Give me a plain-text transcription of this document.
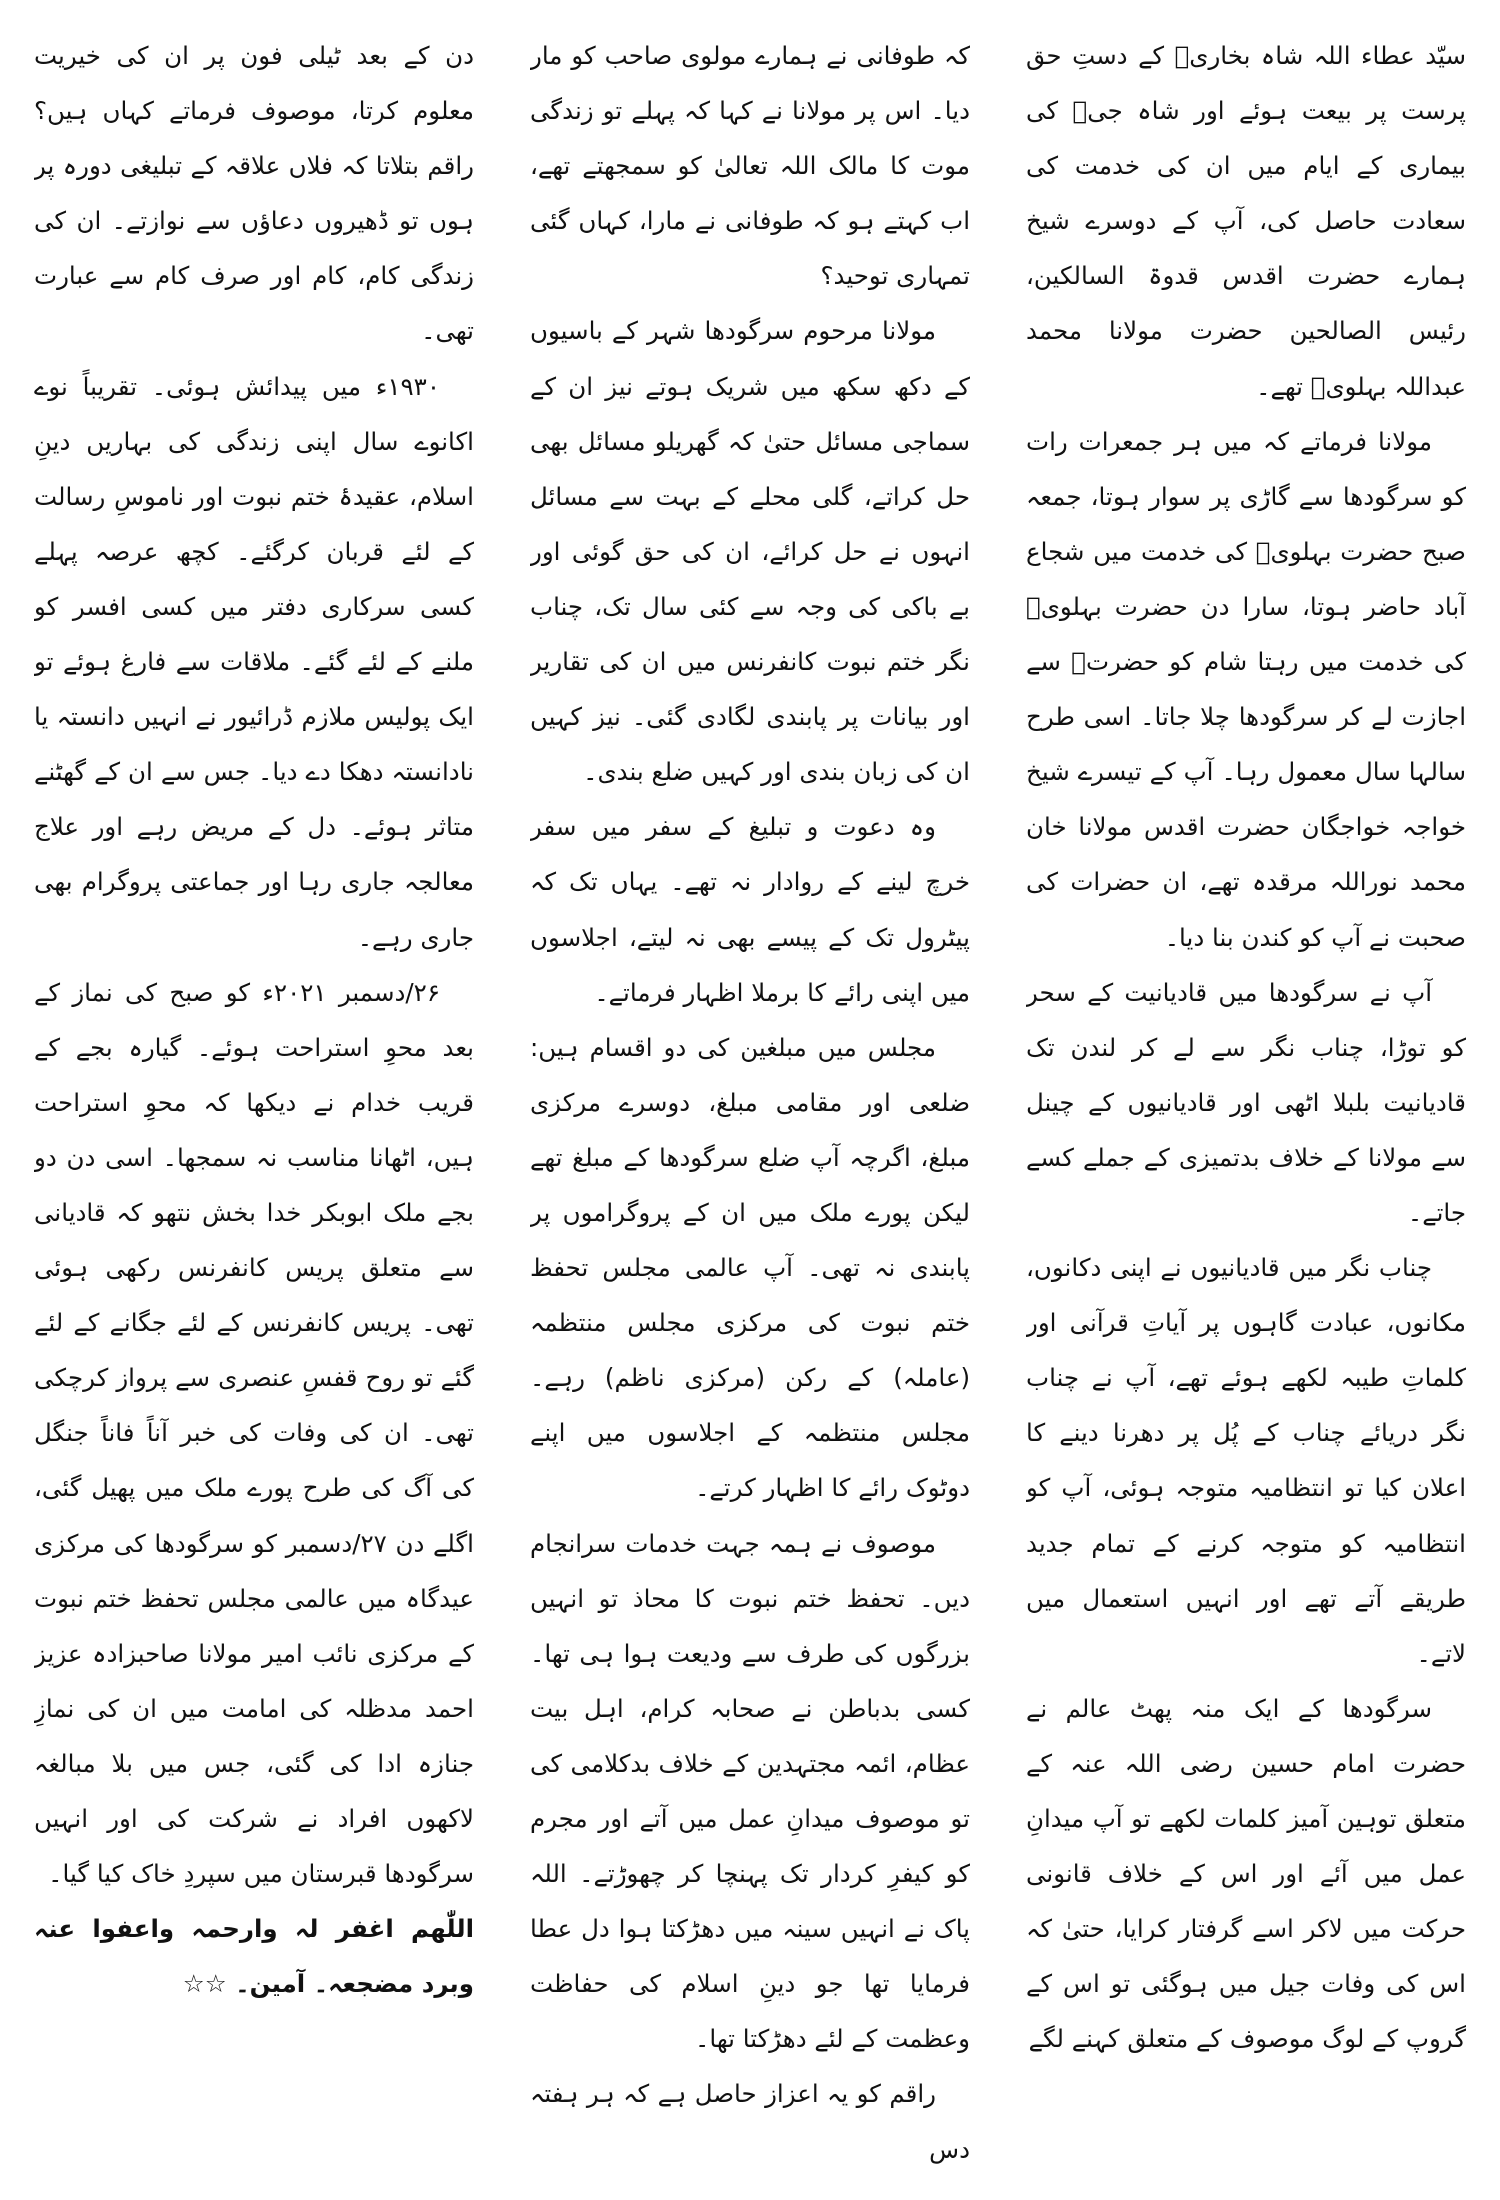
سیّد عطاء اللہ شاہ بخاریؒ کے دستِ حق پرست پر بیعت ہوئے اور شاہ جیؒ کی بیماری کے ایام میں ان کی خدمت کی سعادت حاصل کی، آپ کے دوسرے شیخ ہمارے حضرت اقدس قدوۃ السالکین، رئیس الصالحین حضرت مولانا محمد عبداللہ بہلویؒ تھے۔

مولانا فرماتے کہ میں ہر جمعرات رات کو سرگودھا سے گاڑی پر سوار ہوتا، جمعہ صبح حضرت بہلویؒ کی خدمت میں شجاع آباد حاضر ہوتا، سارا دن حضرت بہلویؒ کی خدمت میں رہتا شام کو حضرتؒ سے اجازت لے کر سرگودھا چلا جاتا۔ اسی طرح سالہا سال معمول رہا۔ آپ کے تیسرے شیخ خواجہ خواجگان حضرت اقدس مولانا خان محمد نوراللہ مرقدہ تھے، ان حضرات کی صحبت نے آپ کو کندن بنا دیا۔

آپ نے سرگودھا میں قادیانیت کے سحر کو توڑا، چناب نگر سے لے کر لندن تک قادیانیت بلبلا اٹھی اور قادیانیوں کے چینل سے مولانا کے خلاف بدتمیزی کے جملے کسے جاتے۔

چناب نگر میں قادیانیوں نے اپنی دکانوں، مکانوں، عبادت گاہوں پر آیاتِ قرآنی اور کلماتِ طیبہ لکھے ہوئے تھے، آپ نے چناب نگر دریائے چناب کے پُل پر دھرنا دینے کا اعلان کیا تو انتظامیہ متوجہ ہوئی، آپ کو انتظامیہ کو متوجہ کرنے کے تمام جدید طریقے آتے تھے اور انہیں استعمال میں لاتے۔

سرگودھا کے ایک منہ پھٹ عالم نے حضرت امام حسین رضی اللہ عنہ کے متعلق توہین آمیز کلمات لکھے تو آپ میدانِ عمل میں آئے اور اس کے خلاف قانونی حرکت میں لاکر اسے گرفتار کرایا، حتیٰ کہ اس کی وفات جیل میں ہوگئی تو اس کے گروپ کے لوگ موصوف کے متعلق کہنے لگے

کہ طوفانی نے ہمارے مولوی صاحب کو مار دیا۔ اس پر مولانا نے کہا کہ پہلے تو زندگی موت کا مالک اللہ تعالیٰ کو سمجھتے تھے، اب کہتے ہو کہ طوفانی نے مارا، کہاں گئی تمہاری توحید؟

مولانا مرحوم سرگودھا شہر کے باسیوں کے دکھ سکھ میں شریک ہوتے نیز ان کے سماجی مسائل حتیٰ کہ گھریلو مسائل بھی حل کراتے، گلی محلے کے بہت سے مسائل انہوں نے حل کرائے، ان کی حق گوئی اور بے باکی کی وجہ سے کئی سال تک، چناب نگر ختم نبوت کانفرنس میں ان کی تقاریر اور بیانات پر پابندی لگادی گئی۔ نیز کہیں ان کی زبان بندی اور کہیں ضلع بندی۔

وہ دعوت و تبلیغ کے سفر میں سفر خرچ لینے کے روادار نہ تھے۔ یہاں تک کہ پیٹرول تک کے پیسے بھی نہ لیتے، اجلاسوں میں اپنی رائے کا برملا اظہار فرماتے۔

مجلس میں مبلغین کی دو اقسام ہیں: ضلعی اور مقامی مبلغ، دوسرے مرکزی مبلغ، اگرچہ آپ ضلع سرگودھا کے مبلغ تھے لیکن پورے ملک میں ان کے پروگراموں پر پابندی نہ تھی۔ آپ عالمی مجلس تحفظ ختم نبوت کی مرکزی مجلس منتظمہ (عاملہ) کے رکن (مرکزی ناظم) رہے۔ مجلس منتظمہ کے اجلاسوں میں اپنے دوٹوک رائے کا اظہار کرتے۔

موصوف نے ہمہ جہت خدمات سرانجام دیں۔ تحفظ ختم نبوت کا محاذ تو انہیں بزرگوں کی طرف سے ودیعت ہوا ہی تھا۔ کسی بدباطن نے صحابہ کرام، اہل بیت عظام، ائمہ مجتہدین کے خلاف بدکلامی کی تو موصوف میدانِ عمل میں آتے اور مجرم کو کیفرِ کردار تک پہنچا کر چھوڑتے۔ اللہ پاک نے انہیں سینہ میں دھڑکتا ہوا دل عطا فرمایا تھا جو دینِ اسلام کی حفاظت وعظمت کے لئے دھڑکتا تھا۔

راقم کو یہ اعزاز حاصل ہے کہ ہر ہفتہ دس

دن کے بعد ٹیلی فون پر ان کی خیریت معلوم کرتا، موصوف فرماتے کہاں ہیں؟ راقم بتلاتا کہ فلاں علاقہ کے تبلیغی دورہ پر ہوں تو ڈھیروں دعاؤں سے نوازتے۔ ان کی زندگی کام، کام اور صرف کام سے عبارت تھی۔

۱۹۳۰ء میں پیدائش ہوئی۔ تقریباً نوے اکانوے سال اپنی زندگی کی بہاریں دینِ اسلام، عقیدۂ ختم نبوت اور ناموسِ رسالت کے لئے قربان کرگئے۔ کچھ عرصہ پہلے کسی سرکاری دفتر میں کسی افسر کو ملنے کے لئے گئے۔ ملاقات سے فارغ ہوئے تو ایک پولیس ملازم ڈرائیور نے انہیں دانستہ یا نادانستہ دھکا دے دیا۔ جس سے ان کے گھٹنے متاثر ہوئے۔ دل کے مریض رہے اور علاج معالجہ جاری رہا اور جماعتی پروگرام بھی جاری رہے۔

۲۶/دسمبر ۲۰۲۱ء کو صبح کی نماز کے بعد محوِ استراحت ہوئے۔ گیارہ بجے کے قریب خدام نے دیکھا کہ محوِ استراحت ہیں، اٹھانا مناسب نہ سمجھا۔ اسی دن دو بجے ملک ابوبکر خدا بخش نتھو کہ قادیانی سے متعلق پریس کانفرنس رکھی ہوئی تھی۔ پریس کانفرنس کے لئے جگانے کے لئے گئے تو روح قفسِ عنصری سے پرواز کرچکی تھی۔ ان کی وفات کی خبر آناً فاناً جنگل کی آگ کی طرح پورے ملک میں پھیل گئی، اگلے دن ۲۷/دسمبر کو سرگودھا کی مرکزی عیدگاہ میں عالمی مجلس تحفظ ختم نبوت کے مرکزی نائب امیر مولانا صاحبزادہ عزیز احمد مدظلہ کی امامت میں ان کی نمازِ جنازہ ادا کی گئی، جس میں بلا مبالغہ لاکھوں افراد نے شرکت کی اور انہیں سرگودھا قبرستان میں سپردِ خاک کیا گیا۔

اللّٰھم اغفر لہ وارحمہ واعفوا عنہ وبرد مضجعہ۔ آمین۔ ☆☆
